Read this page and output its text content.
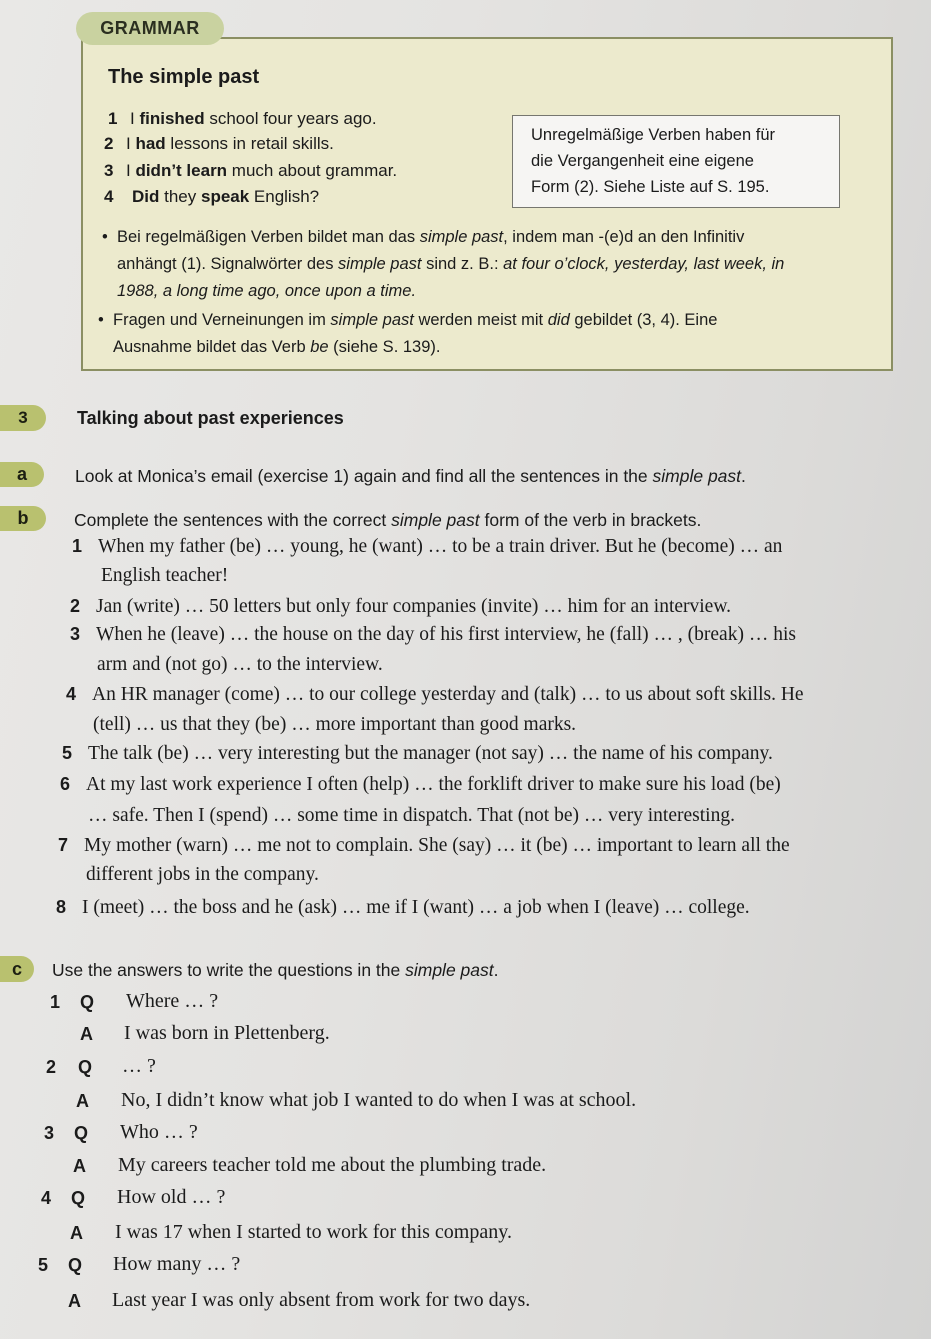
GRAMMAR
The simple past
1 I finished school four years ago.
2 I had lessons in retail skills.
3 I didn’t learn much about grammar.
4 Did they speak English?
Unregelmäßige Verben haben für
die Vergangenheit eine eigene
Form (2). Siehe Liste auf S. 195.
• Bei regelmäßigen Verben bildet man das simple past, indem man -(e)d an den Infinitiv
anhängt (1). Signalwörter des simple past sind z. B.: at four o’clock, yesterday, last week, in
1988, a long time ago, once upon a time.
• Fragen und Verneinungen im simple past werden meist mit did gebildet (3, 4). Eine
Ausnahme bildet das Verb be (siehe S. 139).
3	Talking about past experiences
a	Look at Monica’s email (exercise 1) again and find all the sentences in the simple past.
b	Complete the sentences with the correct simple past form of the verb in brackets.
1 When my father (be) … young, he (want) … to be a train driver. But he (become) … an
English teacher!
2 Jan (write) … 50 letters but only four companies (invite) … him for an interview.
3 When he (leave) … the house on the day of his first interview, he (fall) … , (break) … his
arm and (not go) … to the interview.
4 An HR manager (come) … to our college yesterday and (talk) … to us about soft skills. He
(tell) … us that they (be) … more important than good marks.
5 The talk (be) … very interesting but the manager (not say) … the name of his company.
6 At my last work experience I often (help) … the forklift driver to make sure his load (be)
… safe. Then I (spend) … some time in dispatch. That (not be) … very interesting.
7 My mother (warn) … me not to complain. She (say) … it (be) … important to learn all the
different jobs in the company.
8 I (meet) … the boss and he (ask) … me if I (want) … a job when I (leave) … college.
c	Use the answers to write the questions in the simple past.
1 Q Where … ?
A I was born in Plettenberg.
2 Q … ?
A No, I didn’t know what job I wanted to do when I was at school.
3 Q Who … ?
A My careers teacher told me about the plumbing trade.
4 Q How old … ?
A I was 17 when I started to work for this company.
5 Q How many … ?
A Last year I was only absent from work for two days.
